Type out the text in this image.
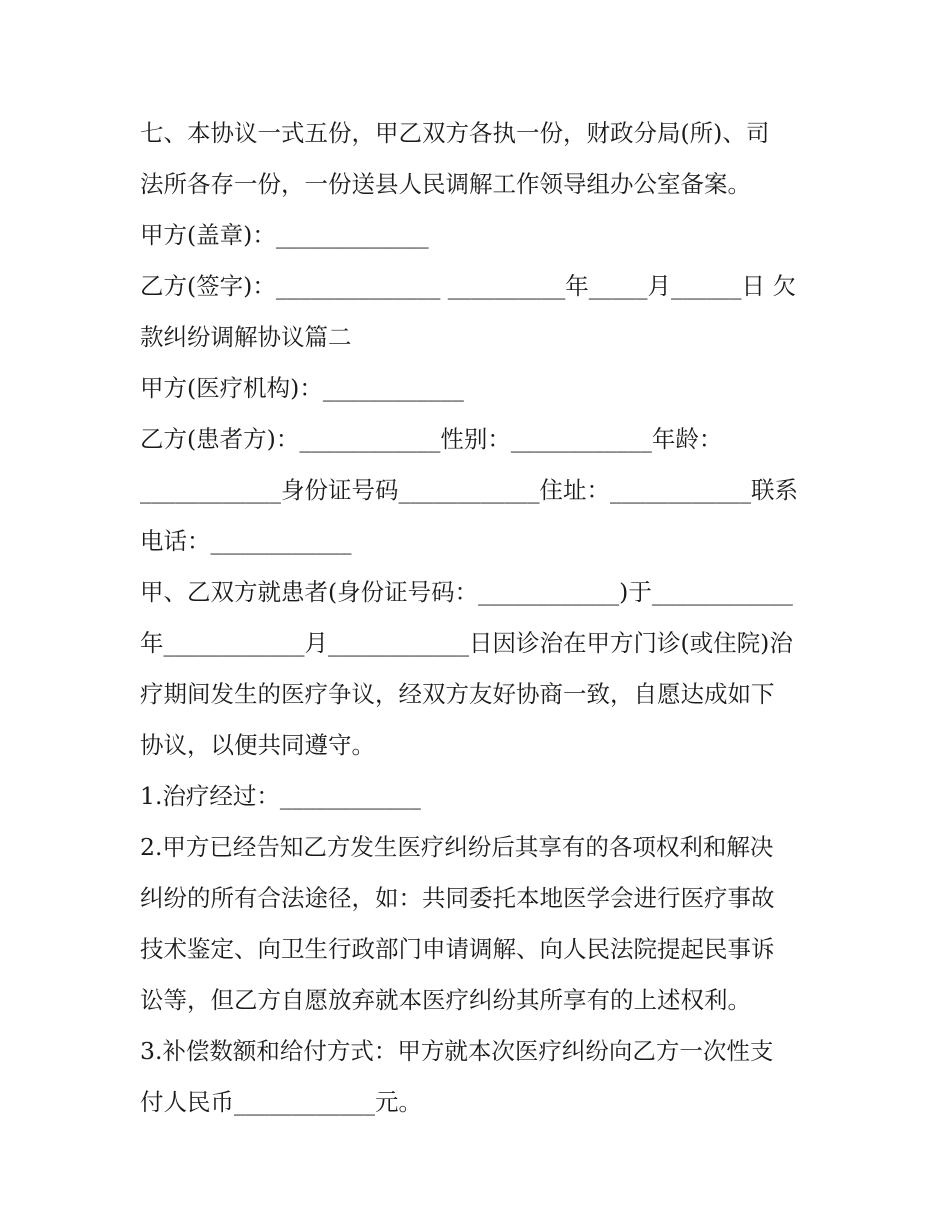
七、本协议一式五份，甲乙双方各执一份，财政分局(所)、司
法所各存一份，一份送县人民调解工作领导组办公室备案。
甲方(盖章)：_____________
乙方(签字)：______________ __________年_____月______日 欠
款纠纷调解协议篇二
甲方(医疗机构)：____________
乙方(患者方)：____________性别：____________年龄：
____________身份证号码____________住址：____________联系
电话：____________
甲、乙双方就患者(身份证号码：____________)于____________
年____________月____________日因诊治在甲方门诊(或住院)治
疗期间发生的医疗争议，经双方友好协商一致，自愿达成如下
协议，以便共同遵守。
1.治疗经过：____________
2.甲方已经告知乙方发生医疗纠纷后其享有的各项权利和解决
纠纷的所有合法途径，如：共同委托本地医学会进行医疗事故
技术鉴定、向卫生行政部门申请调解、向人民法院提起民事诉
讼等，但乙方自愿放弃就本医疗纠纷其所享有的上述权利。
3.补偿数额和给付方式：甲方就本次医疗纠纷向乙方一次性支
付人民币____________元。
